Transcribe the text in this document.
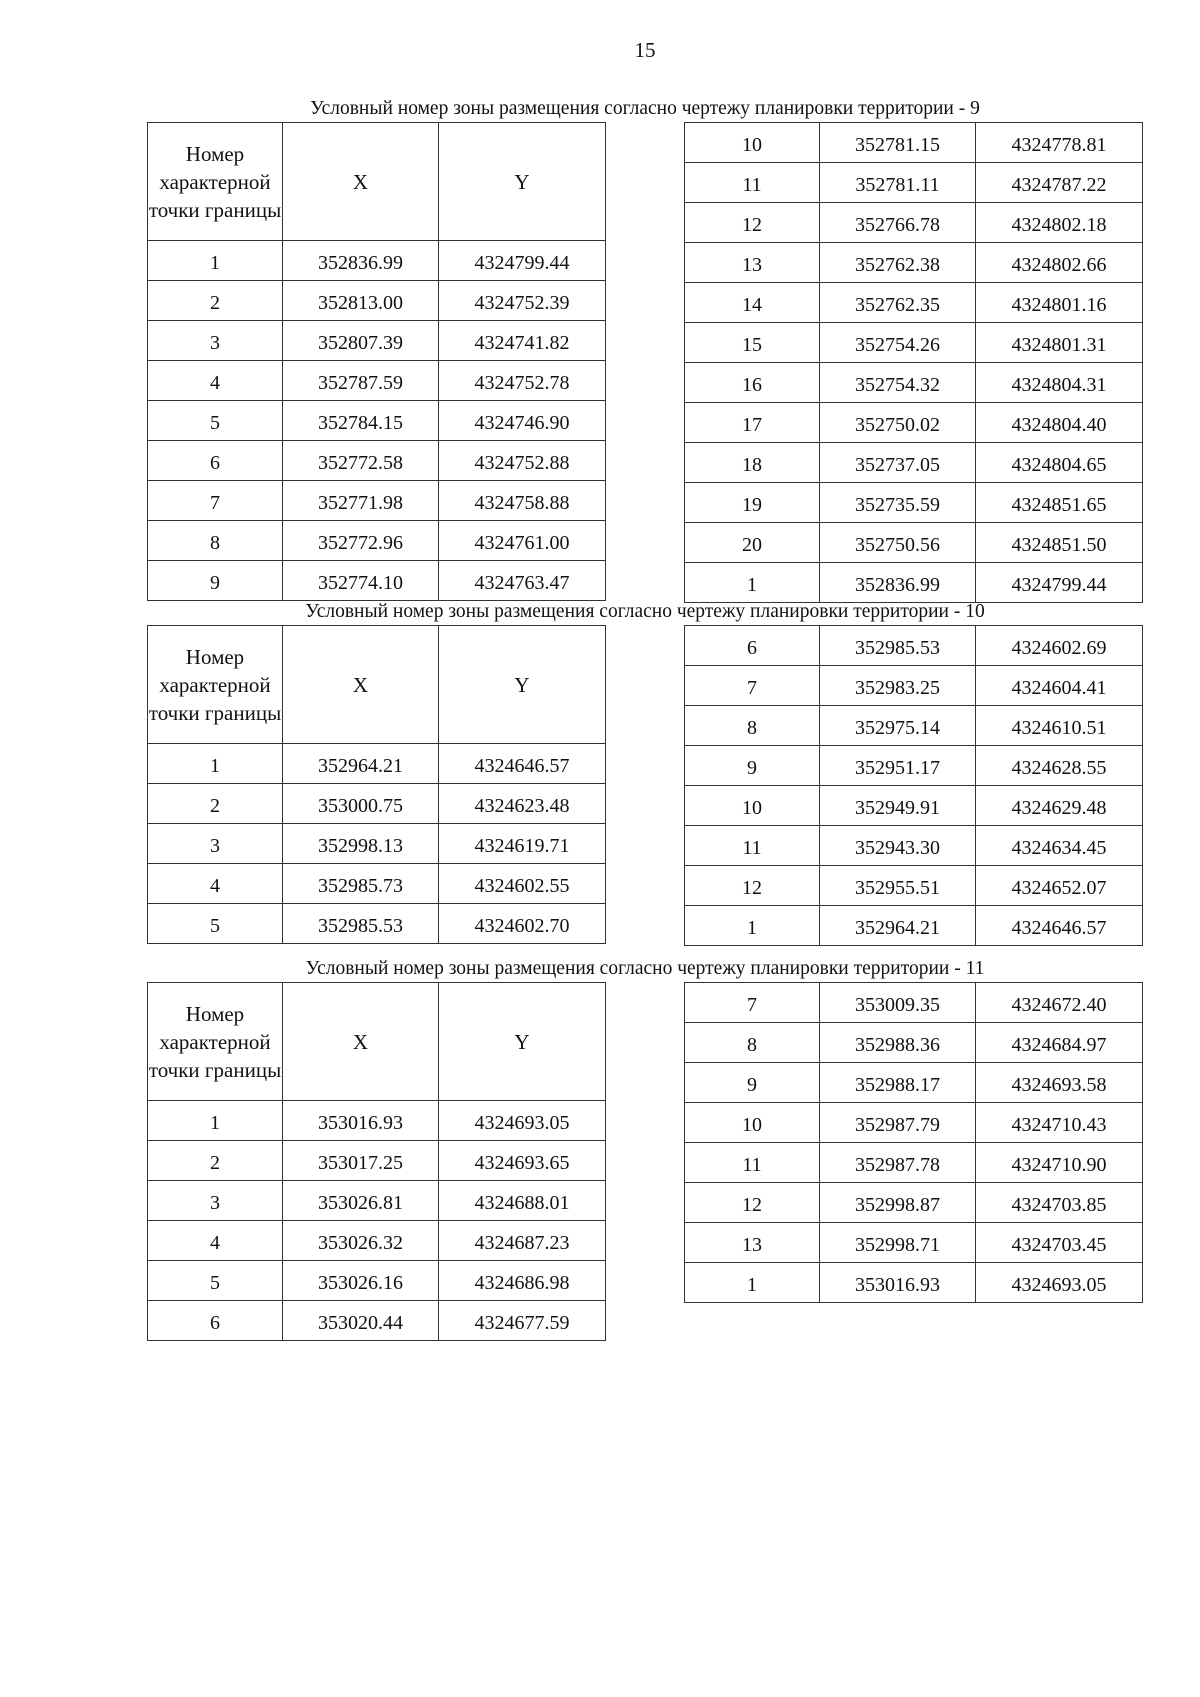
15
Условный номер зоны размещения согласно чертежу планировки территории - 9
Номер характерной точки границы	X	Y
1	352836.99	4324799.44
2	352813.00	4324752.39
3	352807.39	4324741.82
4	352787.59	4324752.78
5	352784.15	4324746.90
6	352772.58	4324752.88
7	352771.98	4324758.88
8	352772.96	4324761.00
9	352774.10	4324763.47
10	352781.15	4324778.81
11	352781.11	4324787.22
12	352766.78	4324802.18
13	352762.38	4324802.66
14	352762.35	4324801.16
15	352754.26	4324801.31
16	352754.32	4324804.31
17	352750.02	4324804.40
18	352737.05	4324804.65
19	352735.59	4324851.65
20	352750.56	4324851.50
1	352836.99	4324799.44
Условный номер зоны размещения согласно чертежу планировки территории - 10
Номер характерной точки границы	X	Y
1	352964.21	4324646.57
2	353000.75	4324623.48
3	352998.13	4324619.71
4	352985.73	4324602.55
5	352985.53	4324602.70
6	352985.53	4324602.69
7	352983.25	4324604.41
8	352975.14	4324610.51
9	352951.17	4324628.55
10	352949.91	4324629.48
11	352943.30	4324634.45
12	352955.51	4324652.07
1	352964.21	4324646.57
Условный номер зоны размещения согласно чертежу планировки территории - 11
Номер характерной точки границы	X	Y
1	353016.93	4324693.05
2	353017.25	4324693.65
3	353026.81	4324688.01
4	353026.32	4324687.23
5	353026.16	4324686.98
6	353020.44	4324677.59
7	353009.35	4324672.40
8	352988.36	4324684.97
9	352988.17	4324693.58
10	352987.79	4324710.43
11	352987.78	4324710.90
12	352998.87	4324703.85
13	352998.71	4324703.45
1	353016.93	4324693.05
